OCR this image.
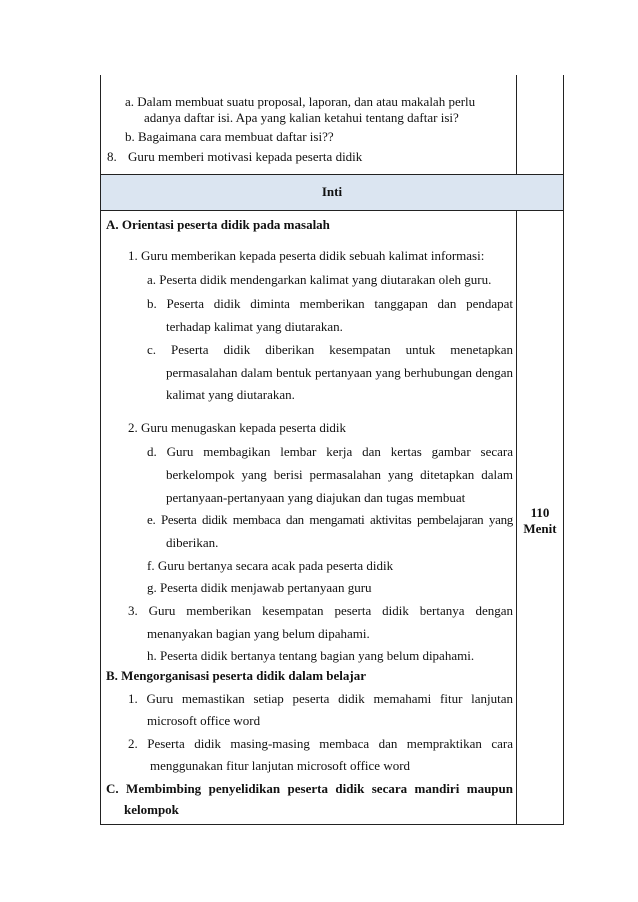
a. Dalam membuat suatu proposal, laporan, dan atau makalah perlu
adanya daftar isi. Apa yang kalian ketahui tentang daftar isi?
b. Bagaimana cara membuat daftar isi??
8. Guru memberi motivasi kepada peserta didik
Inti
A. Orientasi peserta didik pada masalah
1. Guru memberikan kepada peserta didik sebuah kalimat informasi:
a. Peserta didik mendengarkan kalimat yang diutarakan oleh guru.
b. Peserta didik diminta memberikan tanggapan dan pendapat
terhadap kalimat yang diutarakan.
c. Peserta didik diberikan kesempatan untuk menetapkan
permasalahan dalam bentuk pertanyaan yang berhubungan dengan
kalimat yang diutarakan.
2. Guru menugaskan kepada peserta didik
d. Guru membagikan lembar kerja dan kertas gambar secara
berkelompok yang berisi permasalahan yang ditetapkan dalam
pertanyaan-pertanyaan yang diajukan dan tugas membuat
e. Peserta didik membaca dan mengamati aktivitas pembelajaran yang
diberikan.
f. Guru bertanya secara acak pada peserta didik
g. Peserta didik menjawab pertanyaan guru
3. Guru memberikan kesempatan peserta didik bertanya dengan
menanyakan bagian yang belum dipahami.
h. Peserta didik bertanya tentang bagian yang belum dipahami.
110
Menit
B. Mengorganisasi peserta didik dalam belajar
1. Guru memastikan setiap peserta didik memahami fitur lanjutan
microsoft office word
2. Peserta didik masing-masing membaca dan mempraktikan cara
menggunakan fitur lanjutan microsoft office word
C. Membimbing penyelidikan peserta didik secara mandiri maupun
kelompok
